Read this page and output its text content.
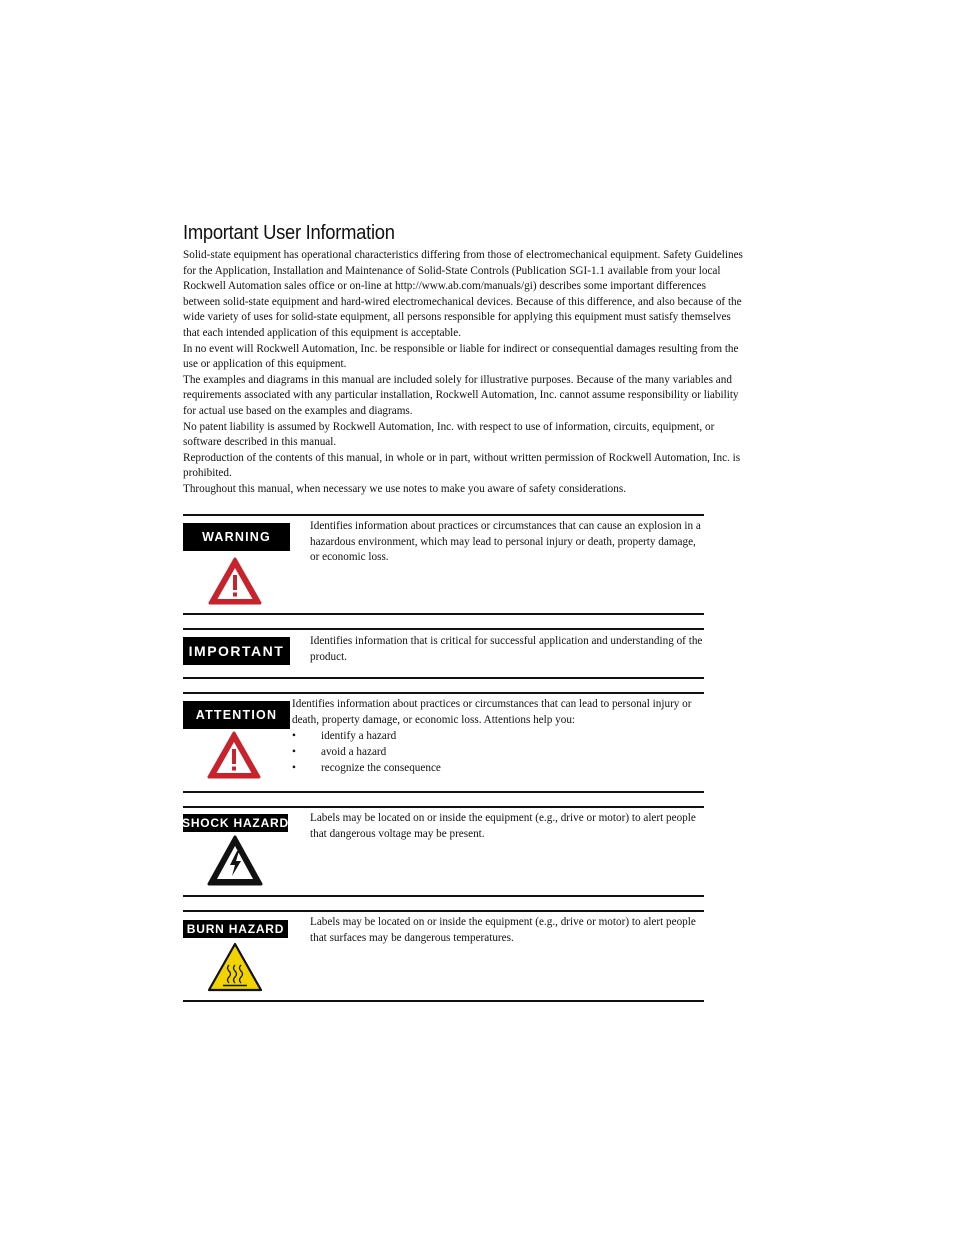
Important User Information

Solid-state equipment has operational characteristics differing from those of electromechanical equipment. Safety Guidelines for the Application, Installation and Maintenance of Solid-State Controls (Publication SGI-1.1 available from your local Rockwell Automation sales office or on-line at http://www.ab.com/manuals/gi) describes some important differences between solid-state equipment and hard-wired electromechanical devices. Because of this difference, and also because of the wide variety of uses for solid-state equipment, all persons responsible for applying this equipment must satisfy themselves that each intended application of this equipment is acceptable.

In no event will Rockwell Automation, Inc. be responsible or liable for indirect or consequential damages resulting from the use or application of this equipment.

The examples and diagrams in this manual are included solely for illustrative purposes. Because of the many variables and requirements associated with any particular installation, Rockwell Automation, Inc. cannot assume responsibility or liability for actual use based on the examples and diagrams.

No patent liability is assumed by Rockwell Automation, Inc. with respect to use of information, circuits, equipment, or software described in this manual.

Reproduction of the contents of this manual, in whole or in part, without written permission of Rockwell Automation, Inc. is prohibited.

Throughout this manual, when necessary we use notes to make you aware of safety considerations.

WARNING

Identifies information about practices or circumstances that can cause an explosion in a hazardous environment, which may lead to personal injury or death, property damage, or economic loss.

IMPORTANT

Identifies information that is critical for successful application and understanding of the product.

ATTENTION

Identifies information about practices or circumstances that can lead to personal injury or death, property damage, or economic loss. Attentions help you:

• identify a hazard
• avoid a hazard
• recognize the consequence
SHOCK HAZARD Labels may be located on or inside the equipment (e.g., drive or motor) to alert people that dangerous voltage may be present.

BURN HAZARD	Labels may be located on or inside the equipment (e.g., drive or motor) to alert people that surfaces may be dangerous temperatures.
